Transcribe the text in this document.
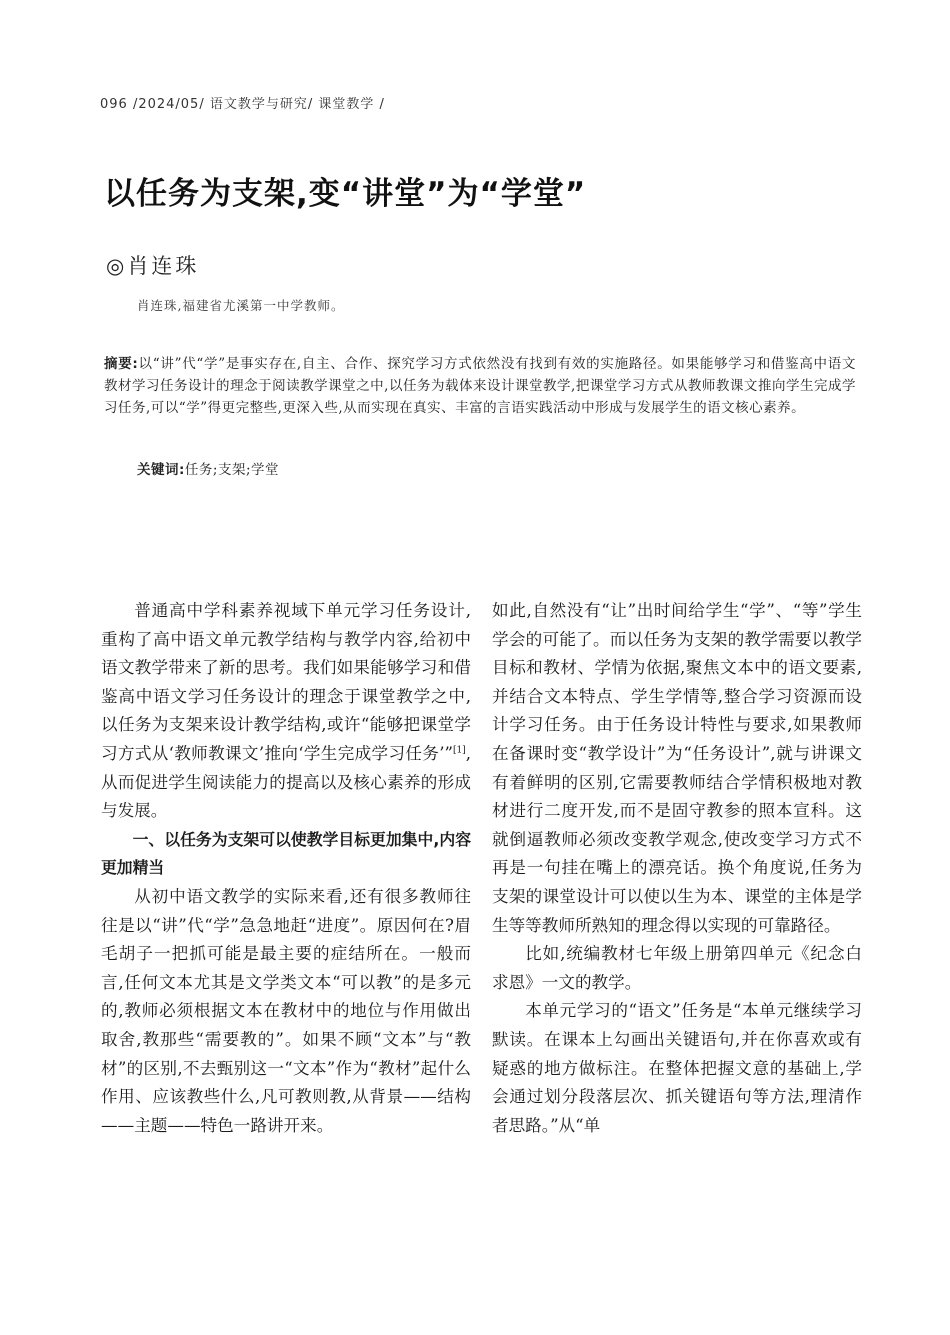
096 /2024/05/ 语文教学与研究/ 课堂教学 /
以任务为支架,变“讲堂”为“学堂”
◎肖连珠
肖连珠,福建省尤溪第一中学教师。
摘要:以“讲”代“学”是事实存在,自主、合作、探究学习方式依然没有找到有效的实施路径。如果能够学习和借鉴高中语文教材学习任务设计的理念于阅读教学课堂之中,以任务为载体来设计课堂教学,把课堂学习方式从教师教课文推向学生完成学习任务,可以“学”得更完整些,更深入些,从而实现在真实、丰富的言语实践活动中形成与发展学生的语文核心素养。
关键词:任务;支架;学堂

普通高中学科素养视域下单元学习任务设计,重构了高中语文单元教学结构与教学内容,给初中语文教学带来了新的思考。我们如果能够学习和借鉴高中语文学习任务设计的理念于课堂教学之中,以任务为支架来设计教学结构,或许“能够把课堂学习方式从‘教师教课文’推向‘学生完成学习任务’”[1],从而促进学生阅读能力的提高以及核心素养的形成与发展。

一、以任务为支架可以使教学目标更加集中,内容更加精当

从初中语文教学的实际来看,还有很多教师往往是以“讲”代“学”急急地赶“进度”。原因何在?眉毛胡子一把抓可能是最主要的症结所在。一般而言,任何文本尤其是文学类文本“可以教”的是多元的,教师必须根据文本在教材中的地位与作用做出取舍,教那些“需要教的”。如果不顾“文本”与“教材”的区别,不去甄别这一“文本”作为“教材”起什么作用、应该教些什么,凡可教则教,从背景——结构——主题——特色一路讲开来。

如此,自然没有“让”出时间给学生“学”、“等”学生学会的可能了。而以任务为支架的教学需要以教学目标和教材、学情为依据,聚焦文本中的语文要素,并结合文本特点、学生学情等,整合学习资源而设计学习任务。由于任务设计特性与要求,如果教师在备课时变“教学设计”为“任务设计”,就与讲课文有着鲜明的区别,它需要教师结合学情积极地对教材进行二度开发,而不是固守教参的照本宣科。这就倒逼教师必须改变教学观念,使改变学习方式不再是一句挂在嘴上的漂亮话。换个角度说,任务为支架的课堂设计可以使以生为本、课堂的主体是学生等等教师所熟知的理念得以实现的可靠路径。

比如,统编教材七年级上册第四单元《纪念白求恩》一文的教学。

本单元学习的“语文”任务是“本单元继续学习默读。在课本上勾画出关键语句,并在你喜欢或有疑惑的地方做标注。在整体把握文意的基础上,学会通过划分段落层次、抓关键语句等方法,理清作者思路。”从“单
